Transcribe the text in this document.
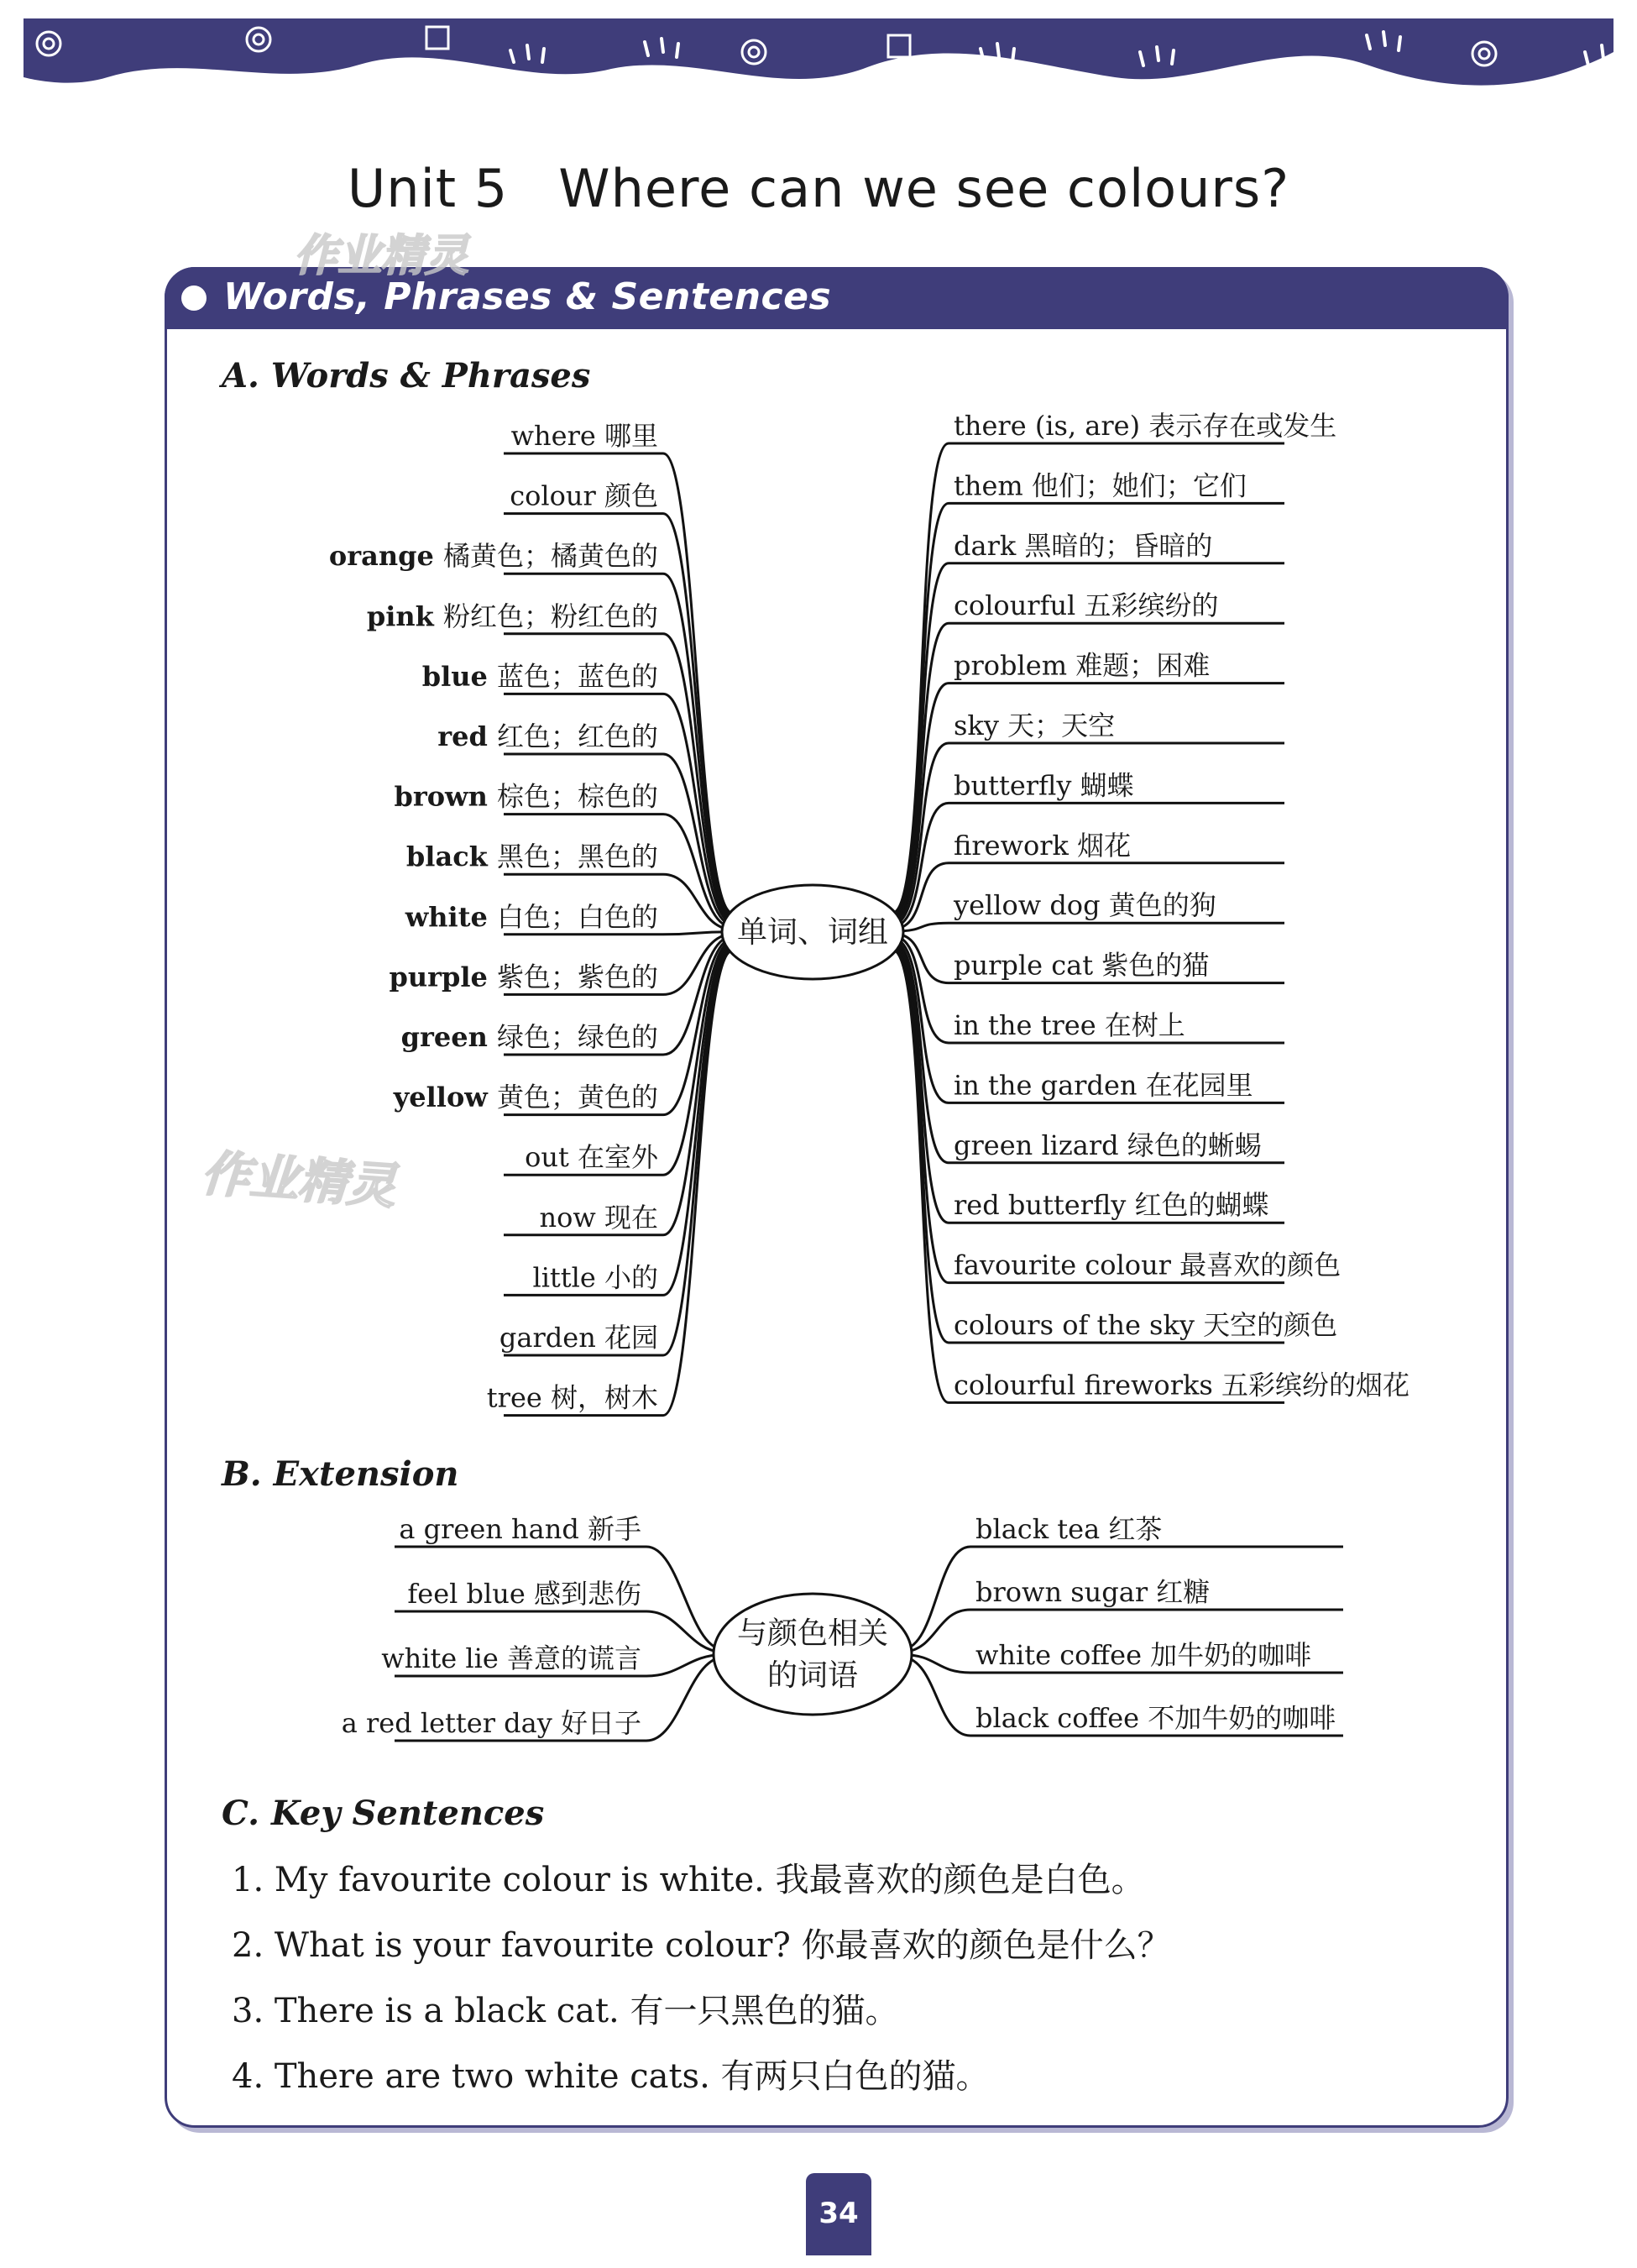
Unit 5 Where can we see colours?
Words, Phrases & Sentences
A. Words & Phrases
B. Extension
C. Key Sentences
where 哪里
colour 颜色
orange 橘黄色；橘黄色的
pink 粉红色；粉红色的
blue 蓝色；蓝色的
red 红色；红色的
brown 棕色；棕色的
black 黑色；黑色的
white 白色；白色的
purple 紫色；紫色的
green 绿色；绿色的
yellow 黄色；黄色的
out 在室外
now 现在
little 小的
garden 花园
tree 树，树木
there (is, are) 表示存在或发生
them 他们；她们；它们
dark 黑暗的；昏暗的
colourful 五彩缤纷的
problem 难题；困难
sky 天；天空
butterfly 蝴蝶
firework 烟花
yellow dog 黄色的狗
purple cat 紫色的猫
in the tree 在树上
in the garden 在花园里
green lizard 绿色的蜥蜴
red butterfly 红色的蝴蝶
favourite colour 最喜欢的颜色
colours of the sky 天空的颜色
colourful fireworks 五彩缤纷的烟花
单词、词组
a green hand 新手
feel blue 感到悲伤
white lie 善意的谎言
a red letter day 好日子
black tea 红茶
brown sugar 红糖
white coffee 加牛奶的咖啡
black coffee 不加牛奶的咖啡
与颜色相关
的词语
作业精灵
作业精灵
1. My favourite colour is white. 我最喜欢的颜色是白色。
2. What is your favourite colour? 你最喜欢的颜色是什么？
3. There is a black cat. 有一只黑色的猫。
4. There are two white cats. 有两只白色的猫。
34
